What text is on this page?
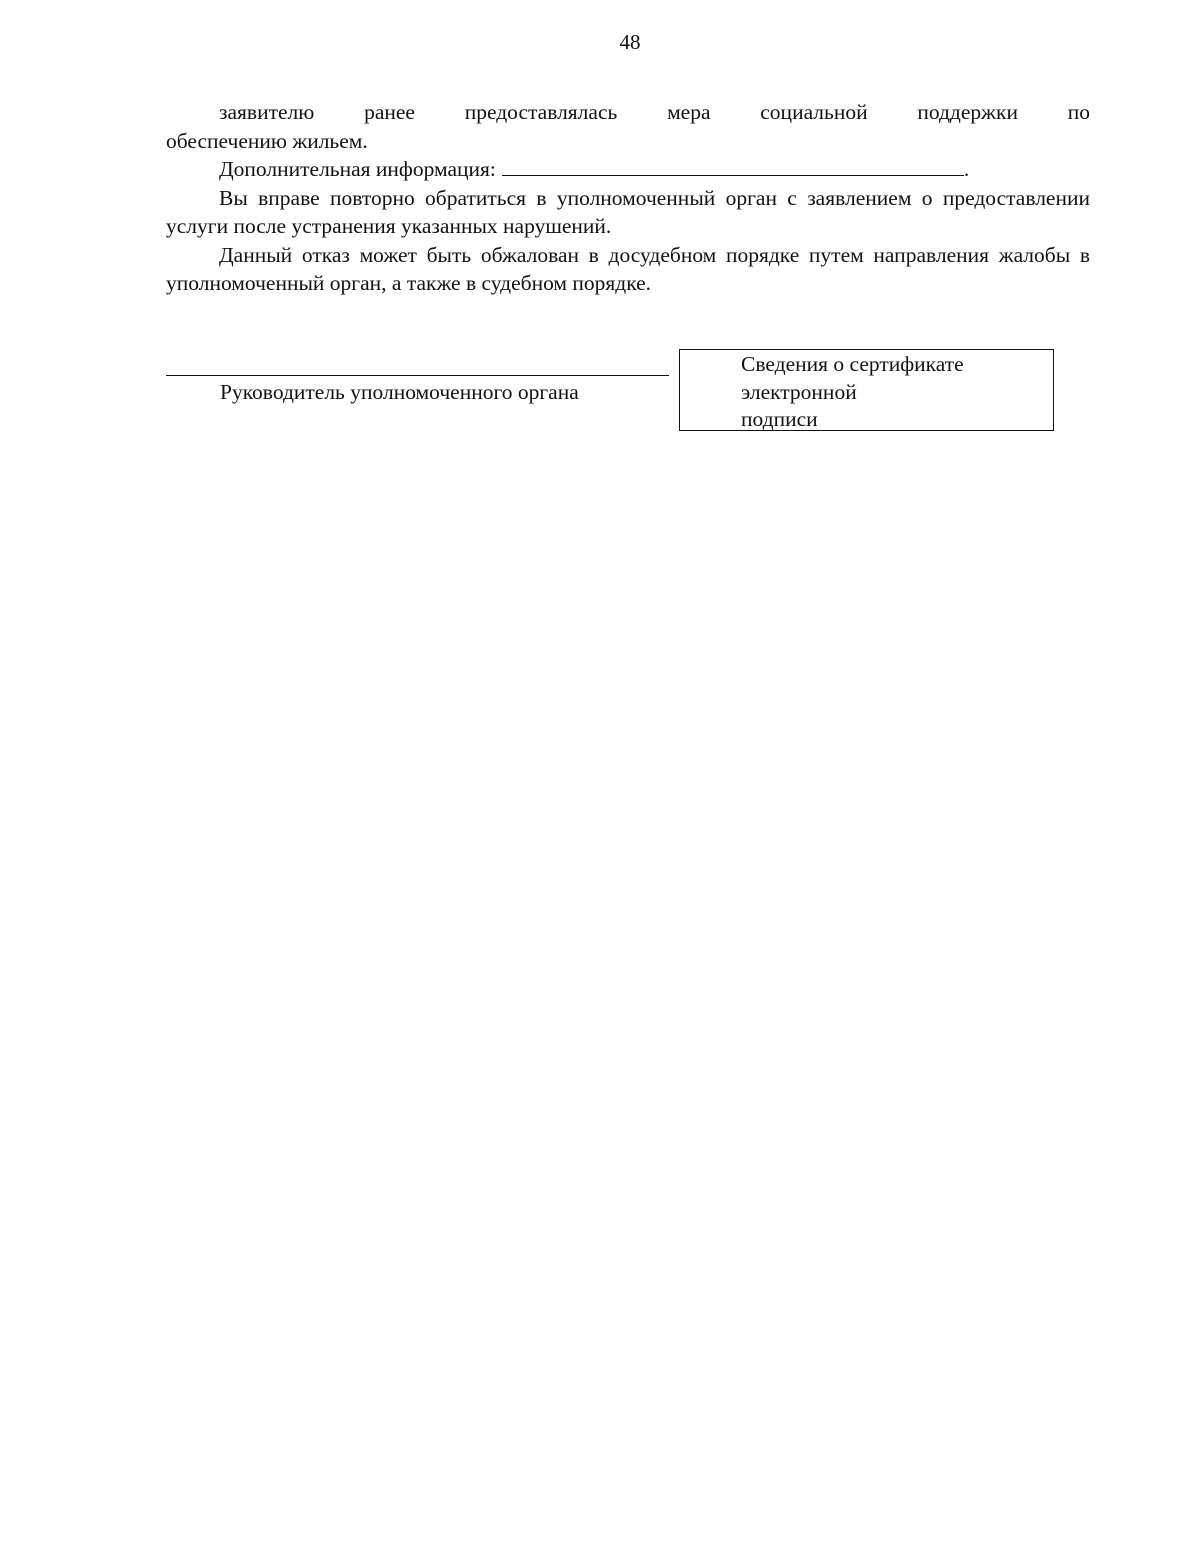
48

заявителю ранее предоставлялась мера социальной поддержки по

обеспечению жильем.

Дополнительная информация:	.

Вы вправе повторно обратиться в уполномоченный орган с заявлением о предоставлении услуги после устранения указанных нарушений.

Данный отказ может быть обжалован в досудебном порядке путем направления жалобы в уполномоченный орган, а также в судебном порядке.

Руководитель уполномоченного органа
Сведения о сертификате
электронной
подписи
